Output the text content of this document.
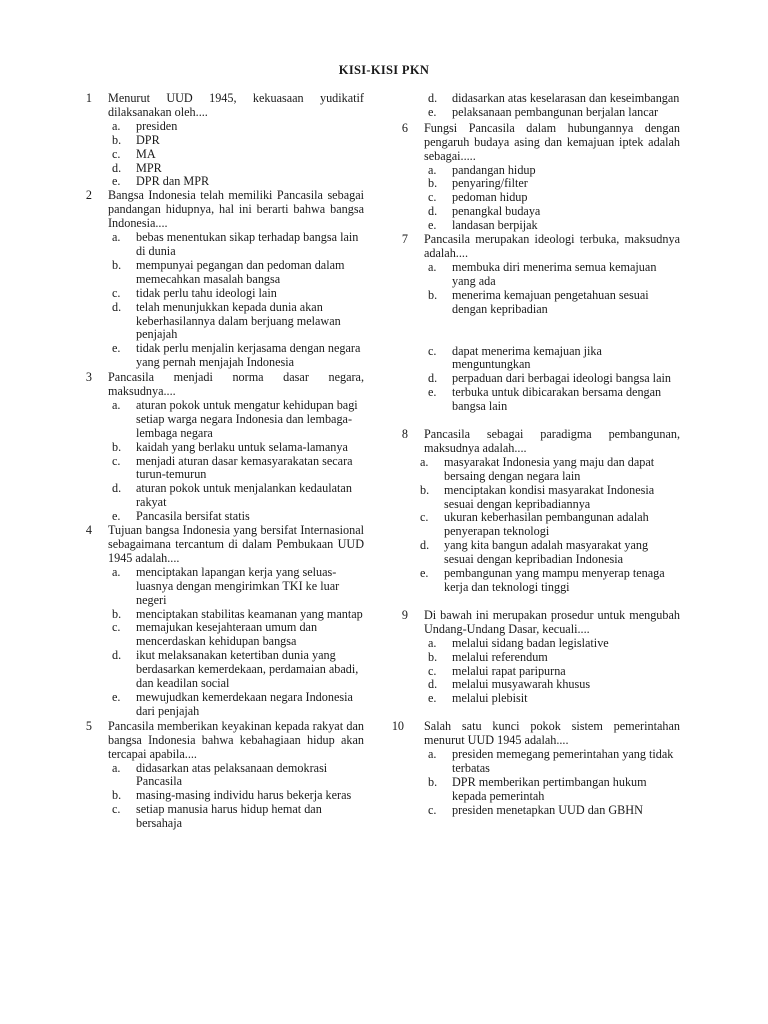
KISI-KISI PKN
1 Menurut UUD 1945, kekuasaan yudikatif dilaksanakan oleh....
a. presiden
b. DPR
c. MA
d. MPR
e. DPR dan MPR
2 Bangsa Indonesia telah memiliki Pancasila sebagai pandangan hidupnya, hal ini berarti bahwa bangsa Indonesia....
a. bebas menentukan sikap terhadap bangsa lain di dunia
b. mempunyai pegangan dan pedoman dalam memecahkan masalah bangsa
c. tidak perlu tahu ideologi lain
d. telah menunjukkan kepada dunia akan keberhasilannya dalam berjuang melawan penjajah
e. tidak perlu menjalin kerjasama dengan negara yang pernah menjajah Indonesia
3 Pancasila menjadi norma dasar negara, maksudnya....
a. aturan pokok untuk mengatur kehidupan bagi setiap warga negara Indonesia dan lembaga-lembaga negara
b. kaidah yang berlaku untuk selama-lamanya
c. menjadi aturan dasar kemasyarakatan secara turun-temurun
d. aturan pokok untuk menjalankan kedaulatan rakyat
e. Pancasila bersifat statis
4 Tujuan bangsa Indonesia yang bersifat Internasional sebagaimana tercantum di dalam Pembukaan UUD 1945 adalah....
a. menciptakan lapangan kerja yang seluas-luasnya dengan mengirimkan TKI ke luar negeri
b. menciptakan stabilitas keamanan yang mantap
c. memajukan kesejahteraan umum dan mencerdaskan kehidupan bangsa
d. ikut melaksanakan ketertiban dunia yang berdasarkan kemerdekaan, perdamaian abadi, dan keadilan social
e. mewujudkan kemerdekaan negara Indonesia dari penjajah
5 Pancasila memberikan keyakinan kepada rakyat dan bangsa Indonesia bahwa kebahagiaan hidup akan tercapai apabila....
a. didasarkan atas pelaksanaan demokrasi Pancasila
b. masing-masing individu harus bekerja keras
c. setiap manusia harus hidup hemat dan bersahaja
d. didasarkan atas keselarasan dan keseimbangan
e. pelaksanaan pembangunan berjalan lancar
6 Fungsi Pancasila dalam hubungannya dengan pengaruh budaya asing dan kemajuan iptek adalah sebagai.....
a. pandangan hidup
b. penyaring/filter
c. pedoman hidup
d. penangkal budaya
e. landasan berpijak
7 Pancasila merupakan ideologi terbuka, maksudnya adalah....
a. membuka diri menerima semua kemajuan yang ada
b. menerima kemajuan pengetahuan sesuai dengan kepribadian
c. dapat menerima kemajuan jika menguntungkan
d. perpaduan dari berbagai ideologi bangsa lain
e. terbuka untuk dibicarakan bersama dengan bangsa lain
8 Pancasila sebagai paradigma pembangunan, maksudnya adalah....
a. masyarakat Indonesia yang maju dan dapat bersaing dengan negara lain
b. menciptakan kondisi masyarakat Indonesia sesuai dengan kepribadiannya
c. ukuran keberhasilan pembangunan adalah penyerapan teknologi
d. yang kita bangun adalah masyarakat yang sesuai dengan kepribadian Indonesia
e. pembangunan yang mampu menyerap tenaga kerja dan teknologi tinggi
9 Di bawah ini merupakan prosedur untuk mengubah Undang-Undang Dasar, kecuali....
a. melalui sidang badan legislative
b. melalui referendum
c. melalui rapat paripurna
d. melalui musyawarah khusus
e. melalui plebisit
10 Salah satu kunci pokok sistem pemerintahan menurut UUD 1945 adalah....
a. presiden memegang pemerintahan yang tidak terbatas
b. DPR memberikan pertimbangan hukum kepada pemerintah
c. presiden menetapkan UUD dan GBHN
